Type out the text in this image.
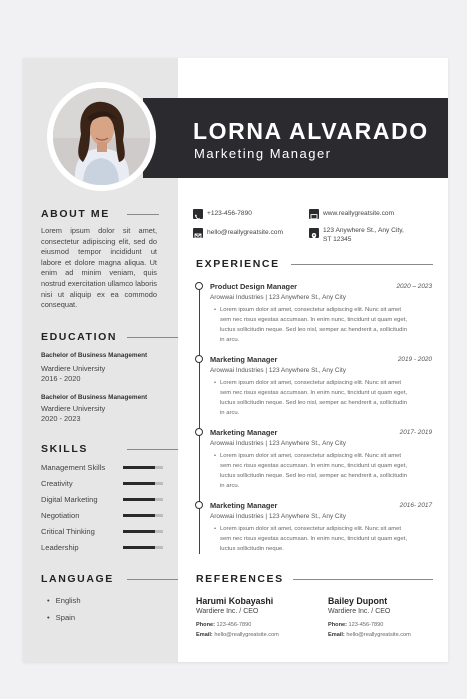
LORNA ALVARADO
Marketing Manager
ABOUT ME
Lorem ipsum dolor sit amet, consectetur adipiscing elit, sed do eiusmod tempor incididunt ut labore et dolore magna aliqua. Ut enim ad minim veniam, quis nostrud exercitation ullamco laboris nisi ut aliquip ex ea commodo consequat.
EDUCATION
Bachelor of Business Management
Wardiere University
2016 - 2020
Bachelor of Business Management
Wardiere University
2020 - 2023
SKILLS
Management Skills
Creativity
Digital Marketing
Negotiation
Critical Thinking
Leadership
LANGUAGE
• English
• Spain
+123-456-7890	www.reallygreatsite.com
hello@reallygreatsite.com	123 Anywhere St., Any City,
ST 12345
EXPERIENCE
Product Design Manager	2020 – 2023
Arowwai Industries | 123 Anywhere St., Any City
• Lorem ipsum dolor sit amet, consectetur adipiscing elit. Nunc sit amet
sem nec risus egestas accumsan. In enim nunc, tincidunt ut quam eget,
luctus sollicitudin neque. Sed leo nisl, semper ac hendrerit a, sollicitudin
in arcu.
Marketing Manager	2019 - 2020
Arowwai Industries | 123 Anywhere St., Any City
• Lorem ipsum dolor sit amet, consectetur adipiscing elit. Nunc sit amet
sem nec risus egestas accumsan. In enim nunc, tincidunt ut quam eget,
luctus sollicitudin neque. Sed leo nisl, semper ac hendrerit a, sollicitudin
in arcu.
Marketing Manager	2017- 2019
Arowwai Industries | 123 Anywhere St., Any City
• Lorem ipsum dolor sit amet, consectetur adipiscing elit. Nunc sit amet
sem nec risus egestas accumsan. In enim nunc, tincidunt ut quam eget,
luctus sollicitudin neque. Sed leo nisl, semper ac hendrerit a, sollicitudin
in arcu.
Marketing Manager	2016- 2017
Arowwai Industries | 123 Anywhere St., Any City
• Lorem ipsum dolor sit amet, consectetur adipiscing elit. Nunc sit amet
sem nec risus egestas accumsan. In enim nunc, tincidunt ut quam eget,
luctus sollicitudin neque.
REFERENCES
Harumi Kobayashi
Wardiere Inc. / CEO
Phone: 123-456-7890
Email: hello@reallygreatsite.com
Bailey Dupont
Wardiere Inc. / CEO
Phone: 123-456-7890
Email: hello@reallygreatsite.com
